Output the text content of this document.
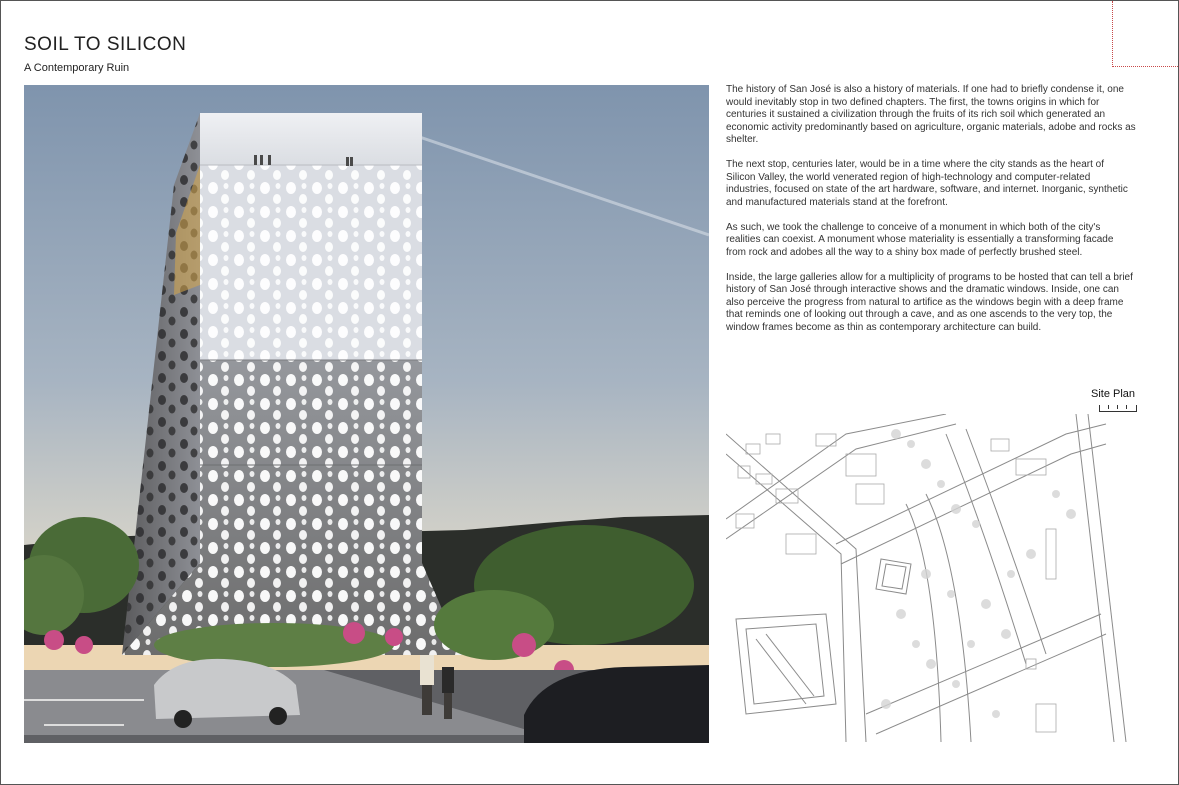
SOIL TO SILICON
A Contemporary Ruin

The history of San José is also a history of materials. If one had to briefly condense it, one would inevitably stop in two defined chapters. The first, the towns origins in which for centuries it sustained a civilization through the fruits of its rich soil which generated an economic activity predominantly based on agriculture, organic materials, adobe and rocks as shelter.

The next stop, centuries later, would be in a time where the city stands as the heart of Silicon Valley, the world venerated region of high-technology and computer-related industries, focused on state of the art hardware, software, and internet. Inorganic, synthetic and manufactured materials stand at the forefront.

As such, we took the challenge to conceive of a monument in which both of the city's realities can coexist. A monument whose materiality is essentially a transforming facade from rock and adobes all the way to a shiny box made of perfectly brushed steel.

Inside, the large galleries allow for a multiplicity of programs to be hosted that can tell a brief history of San José through interactive shows and the dramatic windows. Inside, one can also perceive the progress from natural to artifice as the windows begin with a deep frame that reminds one of looking out through a cave, and as one ascends to the very top, the window frames become as thin as contemporary architecture can build.

Site Plan
